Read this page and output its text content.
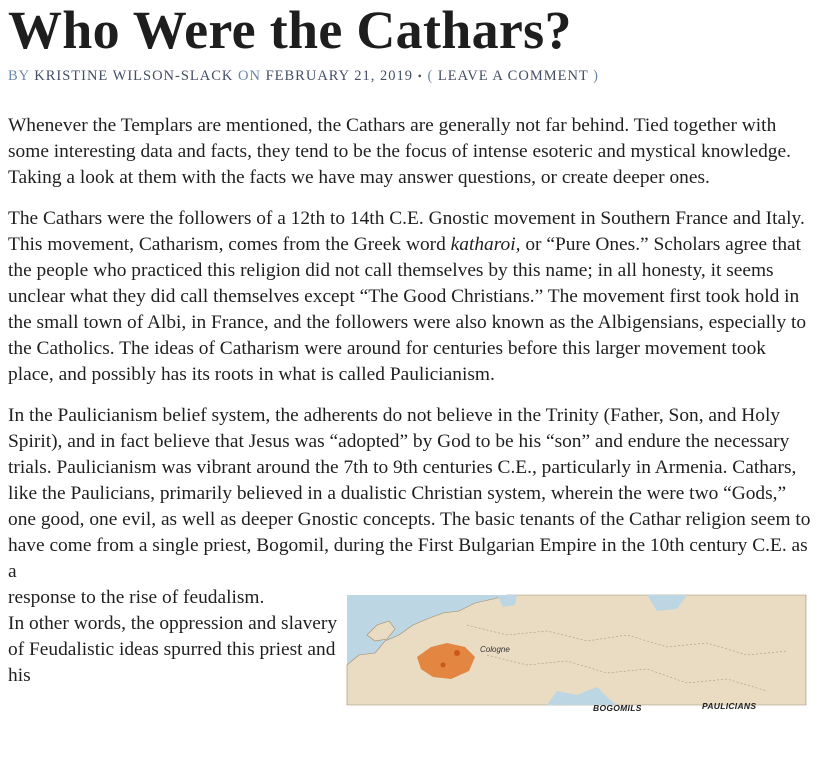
Who Were the Cathars?
BY KRISTINE WILSON-SLACK ON FEBRUARY 21, 2019 • ( LEAVE A COMMENT )

Whenever the Templars are mentioned, the Cathars are generally not far behind. Tied together with some interesting data and facts, they tend to be the focus of intense esoteric and mystical knowledge. Taking a look at them with the facts we have may answer questions, or create deeper ones.

The Cathars were the followers of a 12th to 14th C.E. Gnostic movement in Southern France and Italy. This movement, Catharism, comes from the Greek word katharoi, or “Pure Ones.” Scholars agree that the people who practiced this religion did not call themselves by this name; in all honesty, it seems unclear what they did call themselves except “The Good Christians.” The movement first took hold in the small town of Albi, in France, and the followers were also known as the Albigensians, especially to the Catholics. The ideas of Catharism were around for centuries before this larger movement took place, and possibly has its roots in what is called Paulicianism.

In the Paulicianism belief system, the adherents do not believe in the Trinity (Father, Son, and Holy Spirit), and in fact believe that Jesus was “adopted” by God to be his “son” and endure the necessary trials. Paulicianism was vibrant around the 7th to 9th centuries C.E., particularly in Armenia. Cathars, like the Paulicians, primarily believed in a dualistic Christian system, wherein the were two “Gods,” one good, one evil, as well as deeper Gnostic concepts. The basic tenants of the Cathar religion seem to have come from a single priest, Bogomil, during the First Bulgarian Empire in the 10th century C.E. as a

response to the rise of feudalism.
In other words, the oppression and slavery of Feudalistic ideas spurred this priest and his
Cologne
BOGOMILS	PAULICIANS
